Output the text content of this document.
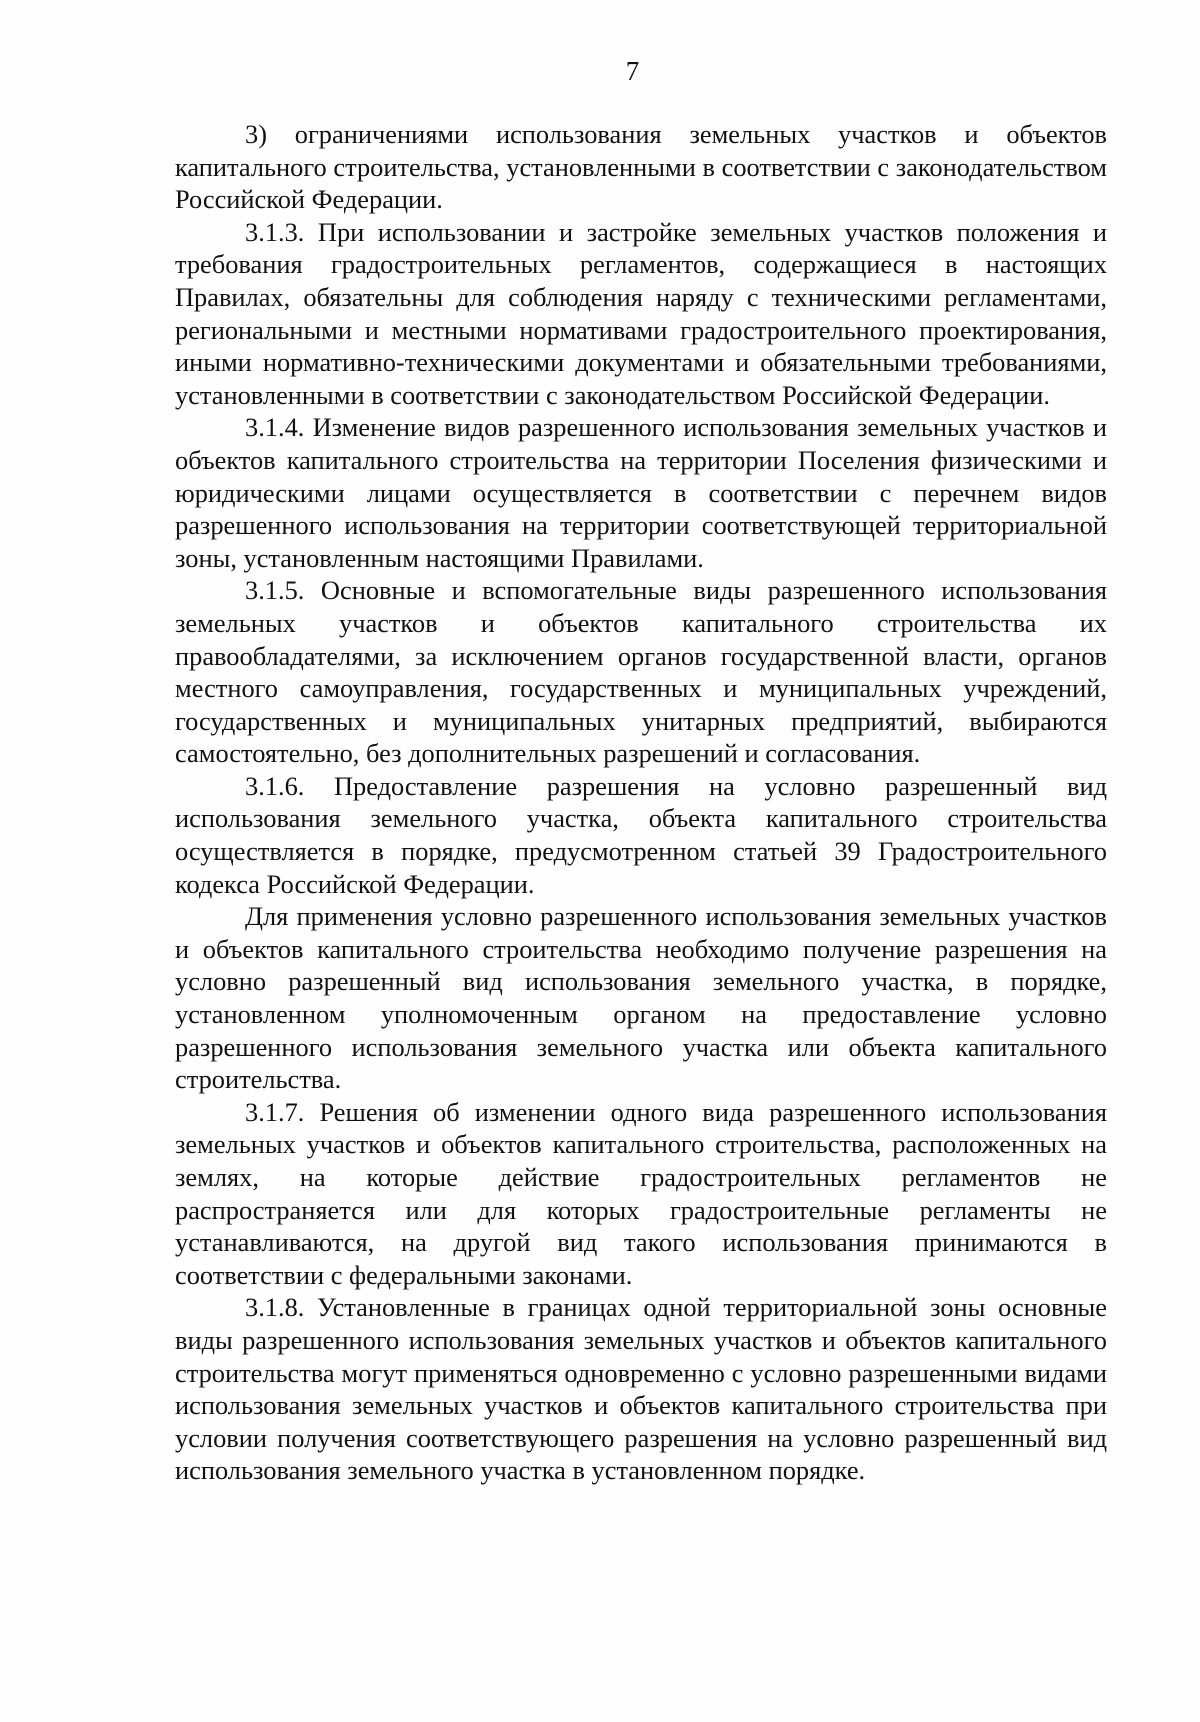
7

3) ограничениями использования земельных участков и объектов капитального строительства, установленными в соответствии с законодательством Российской Федерации.

3.1.3. При использовании и застройке земельных участков положения и требования градостроительных регламентов, содержащиеся в настоящих Правилах, обязательны для соблюдения наряду с техническими регламентами, региональными и местными нормативами градостроительного проектирования, иными нормативно-техническими документами и обязательными требованиями, установленными в соответствии с законодательством Российской Федерации.

3.1.4. Изменение видов разрешенного использования земельных участков и объектов капитального строительства на территории Поселения физическими и юридическими лицами осуществляется в соответствии с перечнем видов разрешенного использования на территории соответствующей территориальной зоны, установленным настоящими Правилами.

3.1.5. Основные и вспомогательные виды разрешенного использования земельных участков и объектов капитального строительства их правообладателями, за исключением органов государственной власти, органов местного самоуправления, государственных и муниципальных учреждений, государственных и муниципальных унитарных предприятий, выбираются самостоятельно, без дополнительных разрешений и согласования.

3.1.6. Предоставление разрешения на условно разрешенный вид использования земельного участка, объекта капитального строительства осуществляется в порядке, предусмотренном статьей 39 Градостроительного кодекса Российской Федерации.

Для применения условно разрешенного использования земельных участков и объектов капитального строительства необходимо получение разрешения на условно разрешенный вид использования земельного участка, в порядке, установленном уполномоченным органом на предоставление условно разрешенного использования земельного участка или объекта капитального строительства.

3.1.7. Решения об изменении одного вида разрешенного использования земельных участков и объектов капитального строительства, расположенных на землях, на которые действие градостроительных регламентов не распространяется или для которых градостроительные регламенты не устанавливаются, на другой вид такого использования принимаются в соответствии с федеральными законами.

3.1.8. Установленные в границах одной территориальной зоны основные виды разрешенного использования земельных участков и объектов капитального строительства могут применяться одновременно с условно разрешенными видами использования земельных участков и объектов капитального строительства при условии получения соответствующего разрешения на условно разрешенный вид использования земельного участка в установленном порядке.
